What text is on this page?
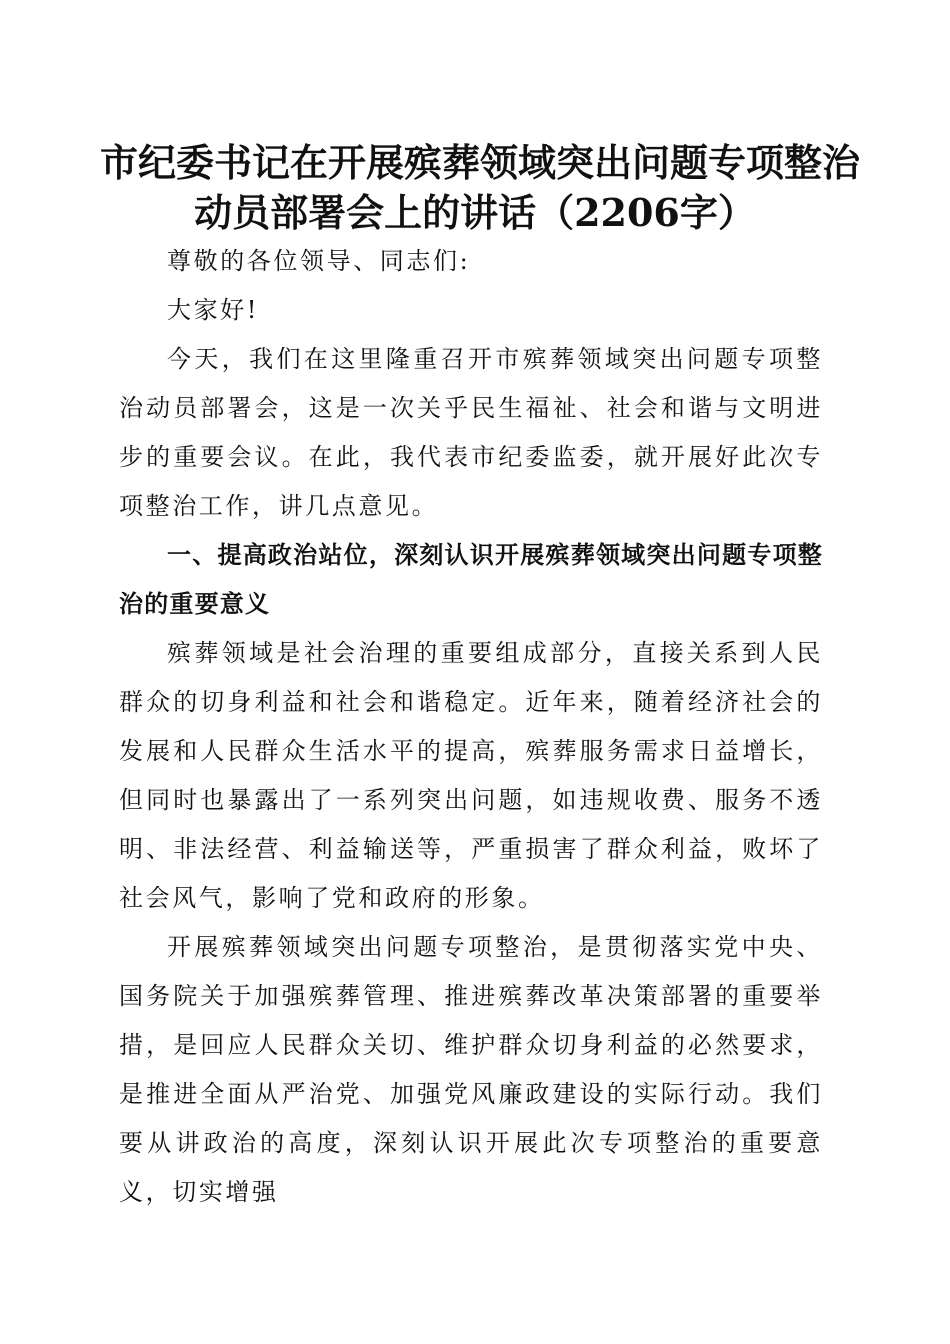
市纪委书记在开展殡葬领域突出问题专项整治
动员部署会上的讲话（2206字）

尊敬的各位领导、同志们:

大家好!

今天，我们在这里隆重召开市殡葬领域突出问题专项整治动员部署会，这是一次关乎民生福祉、社会和谐与文明进步的重要会议。在此，我代表市纪委监委，就开展好此次专项整治工作，讲几点意见。

一、提高政治站位，深刻认识开展殡葬领域突出问题专项整治的重要意义

殡葬领域是社会治理的重要组成部分，直接关系到人民群众的切身利益和社会和谐稳定。近年来，随着经济社会的发展和人民群众生活水平的提高，殡葬服务需求日益增长，但同时也暴露出了一系列突出问题，如违规收费、服务不透明、非法经营、利益输送等，严重损害了群众利益，败坏了社会风气，影响了党和政府的形象。

开展殡葬领域突出问题专项整治，是贯彻落实党中央、国务院关于加强殡葬管理、推进殡葬改革决策部署的重要举措，是回应人民群众关切、维护群众切身利益的必然要求，是推进全面从严治党、加强党风廉政建设的实际行动。我们要从讲政治的高度，深刻认识开展此次专项整治的重要意义，切实增强
